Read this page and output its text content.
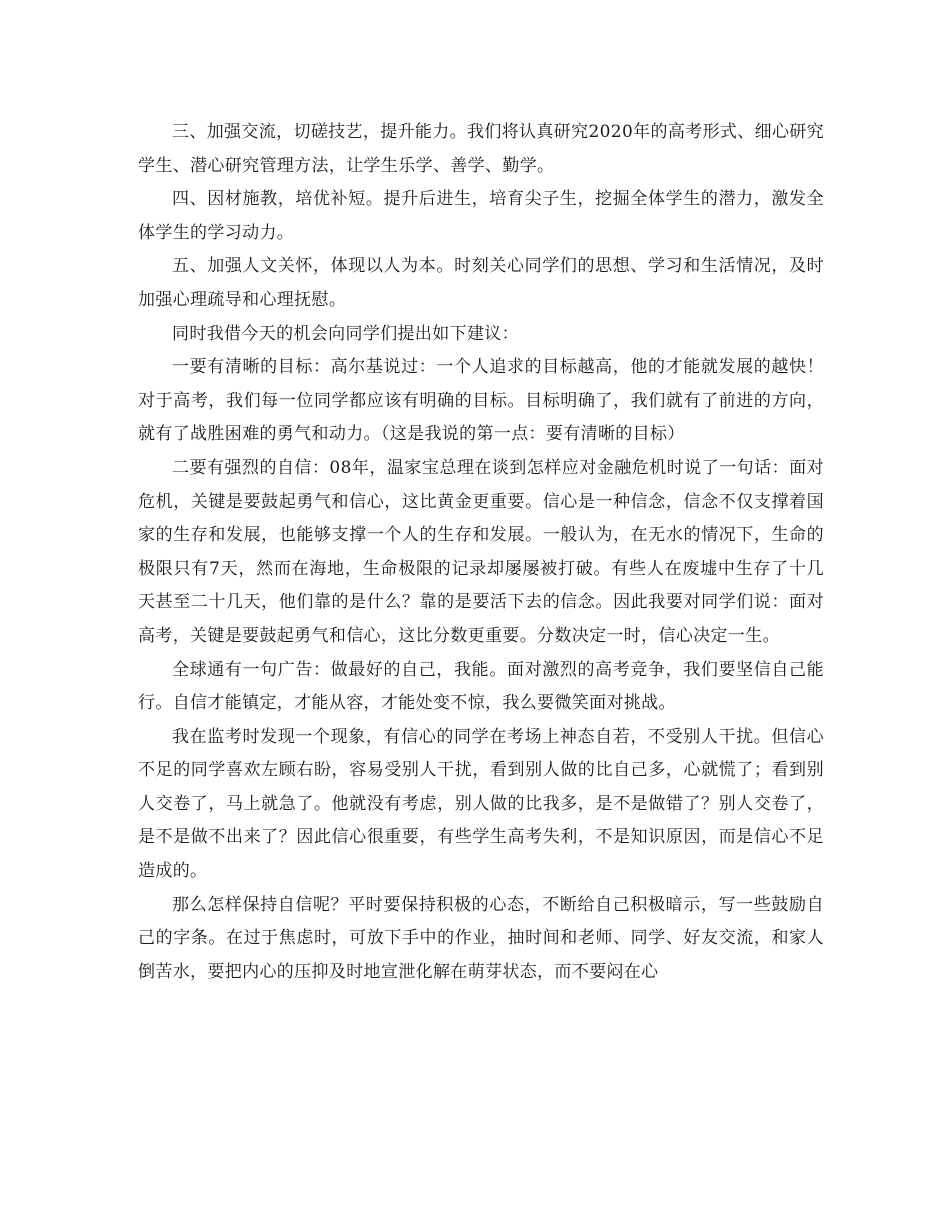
三、加强交流，切磋技艺，提升能力。我们将认真研究2020年的高考形式、细心研究学生、潜心研究管理方法，让学生乐学、善学、勤学。

四、因材施教，培优补短。提升后进生，培育尖子生，挖掘全体学生的潜力，激发全体学生的学习动力。

五、加强人文关怀，体现以人为本。时刻关心同学们的思想、学习和生活情况，及时加强心理疏导和心理抚慰。

同时我借今天的机会向同学们提出如下建议：

一要有清晰的目标：高尔基说过：一个人追求的目标越高，他的才能就发展的越快！对于高考，我们每一位同学都应该有明确的目标。目标明确了，我们就有了前进的方向，就有了战胜困难的勇气和动力。（这是我说的第一点：要有清晰的目标）

二要有强烈的自信：08年，温家宝总理在谈到怎样应对金融危机时说了一句话：面对危机，关键是要鼓起勇气和信心，这比黄金更重要。信心是一种信念，信念不仅支撑着国家的生存和发展，也能够支撑一个人的生存和发展。一般认为，在无水的情况下，生命的极限只有7天，然而在海地，生命极限的记录却屡屡被打破。有些人在废墟中生存了十几天甚至二十几天，他们靠的是什么？靠的是要活下去的信念。因此我要对同学们说：面对高考，关键是要鼓起勇气和信心，这比分数更重要。分数决定一时，信心决定一生。

全球通有一句广告：做最好的自己，我能。面对激烈的高考竞争，我们要坚信自己能行。自信才能镇定，才能从容，才能处变不惊，我么要微笑面对挑战。

我在监考时发现一个现象，有信心的同学在考场上神态自若，不受别人干扰。但信心不足的同学喜欢左顾右盼，容易受别人干扰，看到别人做的比自己多，心就慌了；看到别人交卷了，马上就急了。他就没有考虑，别人做的比我多，是不是做错了？别人交卷了，是不是做不出来了？因此信心很重要，有些学生高考失利，不是知识原因，而是信心不足造成的。

那么怎样保持自信呢？平时要保持积极的心态，不断给自己积极暗示，写一些鼓励自己的字条。在过于焦虑时，可放下手中的作业，抽时间和老师、同学、好友交流，和家人倒苦水，要把内心的压抑及时地宣泄化解在萌芽状态，而不要闷在心
